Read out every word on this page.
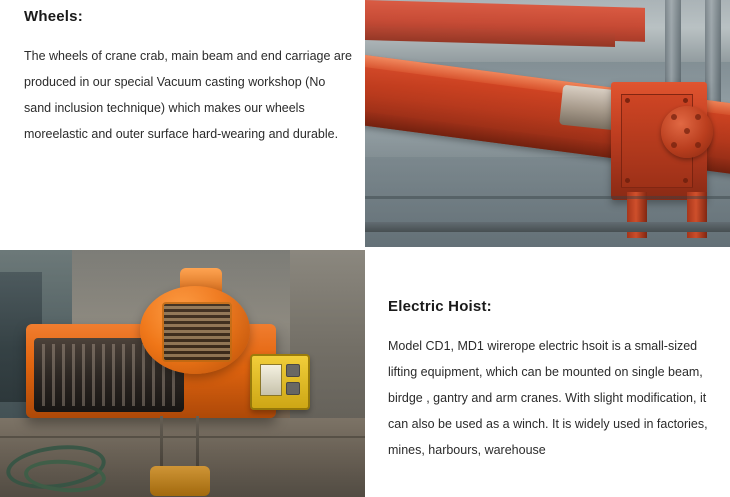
Wheels:

The wheels of crane crab, main beam and end carriage are produced in our special Vacuum casting workshop (No sand inclusion technique) which makes our wheels moreelastic and outer surface hard-wearing and durable.

Electric Hoist:

Model CD1, MD1 wirerope electric hsoit is a small-sized lifting equipment, which can be mounted on single beam, birdge , gantry and arm cranes. With slight modification, it can also be used as a winch. It is widely used in factories, mines, harbours, warehouse
